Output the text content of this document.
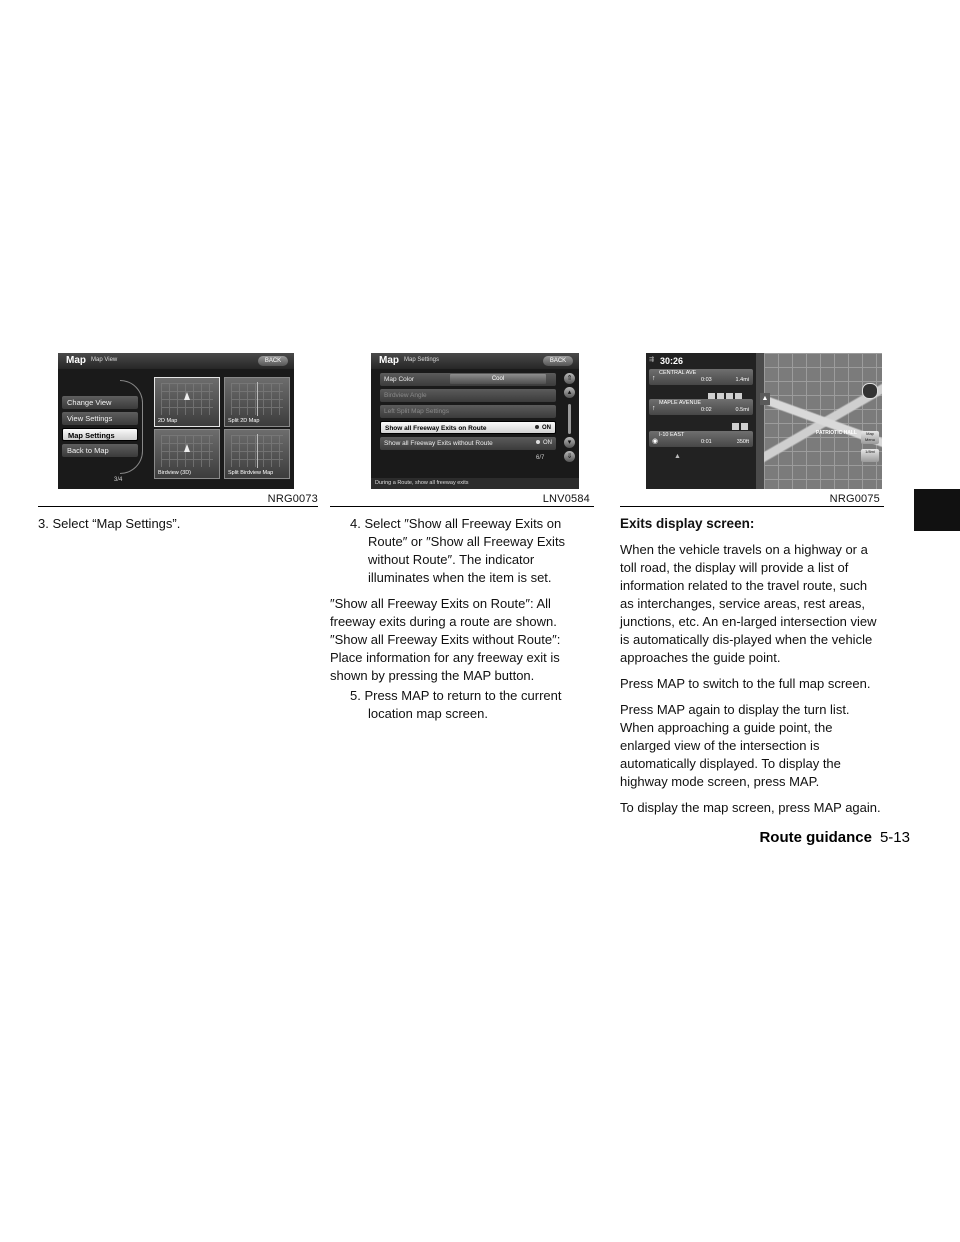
Map Map View	BACK
Change View
View Settings
Map Settings
Back to Map
2D Map	Split 2D Map
Birdview (3D)	Split Birdview Map
3/4
NRG0073
Map Map Settings	BACK
Map Color	Cool
Birdview Angle
Left Split Map Settings
Show all Freeway Exits on Route	ON
Show all Freeway Exits without Route	ON
⇑
▴
▾
⇓
6/7
During a Route, show all freeway exits
LNV0584
⇶ 30:26
↑
CENTRAL AVE
0:03	1.4mi
↑
MAPLE AVENUE
0:02	0.5mi
◉
I-10 EAST
0:01	350ft
▲
▲
PATRIOTIC HALL	Map Menu
1/8mi
NRG0075

3. Select “Map Settings”.	4. Select ″Show all Freeway Exits on Route″ or ″Show all Freeway Exits without Route″. The indicator illuminates when the item is set.

″Show all Freeway Exits on Route″: All freeway exits during a route are shown.

″Show all Freeway Exits without Route″: Place information for any freeway exit is shown by pressing the MAP button.

5. Press MAP to return to the current location map screen.

Exits display screen:

When the vehicle travels on a highway or a toll road, the display will provide a list of information related to the travel route, such as interchanges, service areas, rest areas, junctions, etc. An en-larged intersection view is automatically dis-played when the vehicle approaches the guide point.

Press MAP to switch to the full map screen.

Press MAP again to display the turn list. When approaching a guide point, the enlarged view of the intersection is automatically displayed. To display the highway mode screen, press MAP.

To display the map screen, press MAP again.

Route guidance 5-13
